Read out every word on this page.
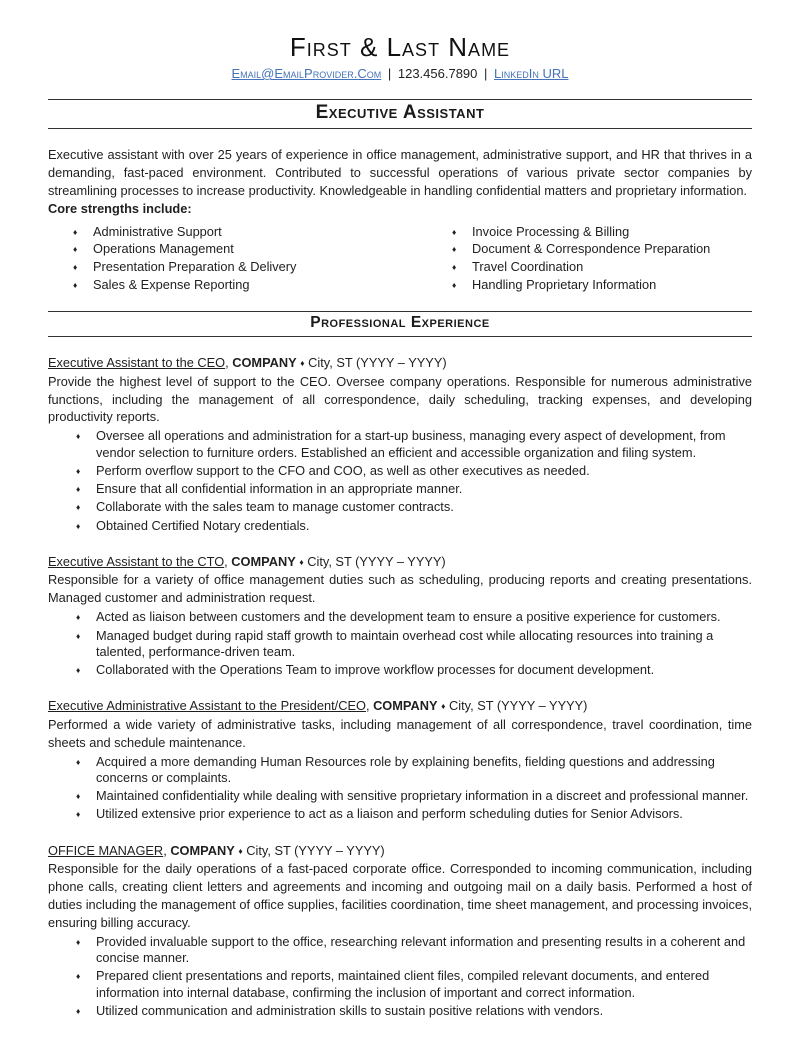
First & Last Name
Email@EmailProvider.Com | 123.456.7890 | LinkedIn URL
Executive Assistant

Executive assistant with over 25 years of experience in office management, administrative support, and HR that thrives in a demanding, fast-paced environment. Contributed to successful operations of various private sector companies by streamlining processes to increase productivity. Knowledgeable in handling confidential matters and proprietary information.

Core strengths include:

♦	Administrative Support
♦	Operations Management
♦	Presentation Preparation & Delivery
♦	Sales & Expense Reporting
♦	Invoice Processing & Billing
♦	Document & Correspondence Preparation
♦	Travel Coordination
♦	Handling Proprietary Information
Professional Experience

Executive Assistant to the CEO, COMPANY ♦ City, ST (YYYY – YYYY)

Provide the highest level of support to the CEO. Oversee company operations. Responsible for numerous administrative functions, including the management of all correspondence, daily scheduling, tracking expenses, and developing productivity reports.

♦	Oversee all operations and administration for a start-up business, managing every aspect of development, from vendor selection to furniture orders. Established an efficient and accessible organization and filing system.
♦	Perform overflow support to the CFO and COO, as well as other executives as needed.
♦	Ensure that all confidential information in an appropriate manner.
♦	Collaborate with the sales team to manage customer contracts.
♦	Obtained Certified Notary credentials.

Executive Assistant to the CTO, COMPANY ♦ City, ST (YYYY – YYYY)

Responsible for a variety of office management duties such as scheduling, producing reports and creating presentations. Managed customer and administration request.

♦	Acted as liaison between customers and the development team to ensure a positive experience for customers.
♦	Managed budget during rapid staff growth to maintain overhead cost while allocating resources into training a talented, performance-driven team.
♦	Collaborated with the Operations Team to improve workflow processes for document development.

Executive Administrative Assistant to the President/CEO, COMPANY ♦ City, ST (YYYY – YYYY)

Performed a wide variety of administrative tasks, including management of all correspondence, travel coordination, time sheets and schedule maintenance.

♦	Acquired a more demanding Human Resources role by explaining benefits, fielding questions and addressing concerns or complaints.
♦	Maintained confidentiality while dealing with sensitive proprietary information in a discreet and professional manner.
♦	Utilized extensive prior experience to act as a liaison and perform scheduling duties for Senior Advisors.

OFFICE MANAGER, COMPANY ♦ City, ST (YYYY – YYYY)

Responsible for the daily operations of a fast-paced corporate office. Corresponded to incoming communication, including phone calls, creating client letters and agreements and incoming and outgoing mail on a daily basis. Performed a host of duties including the management of office supplies, facilities coordination, time sheet management, and processing invoices, ensuring billing accuracy.

♦	Provided invaluable support to the office, researching relevant information and presenting results in a coherent and concise manner.
♦	Prepared client presentations and reports, maintained client files, compiled relevant documents, and entered information into internal database, confirming the inclusion of important and correct information.
♦	Utilized communication and administration skills to sustain positive relations with vendors.
